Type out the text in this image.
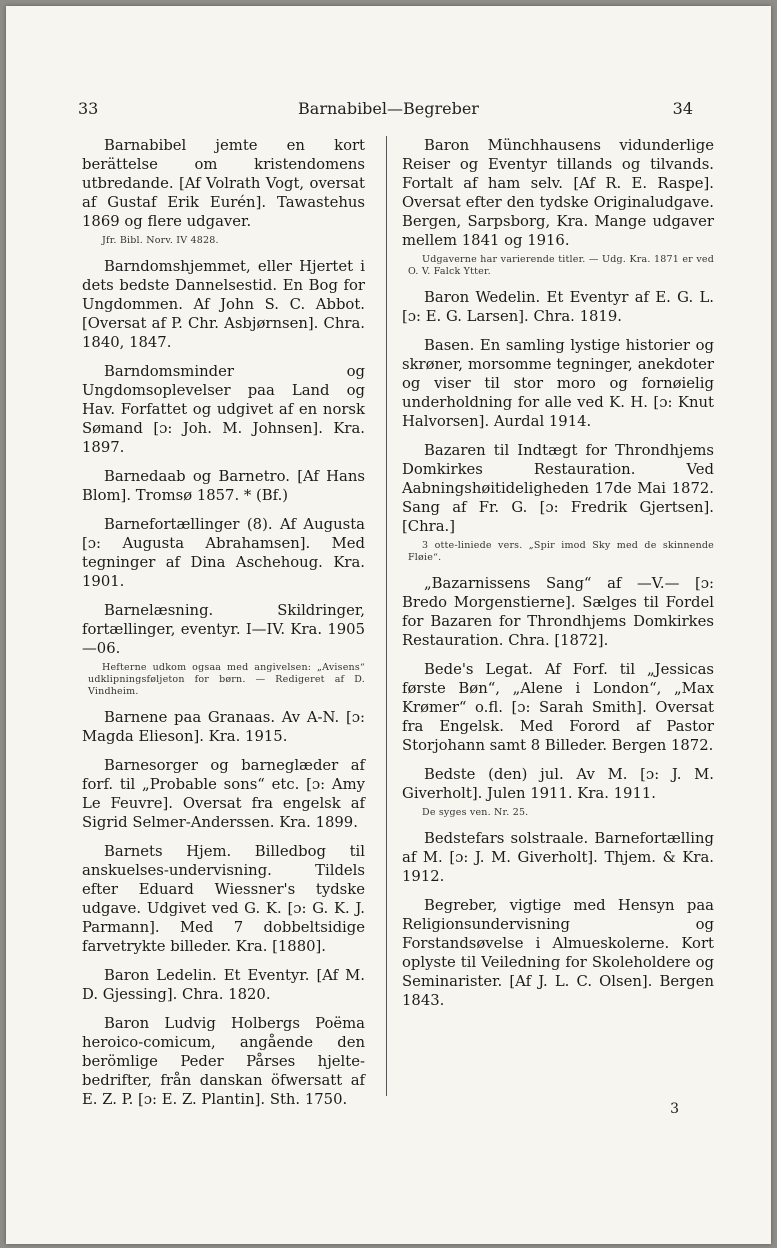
33	Barnabibel—Begreber	34

Barnabibel jemte en kort berättelse om kristendomens utbredande. [Af Volrath Vogt, oversat af Gustaf Erik Eurén]. Tawastehus 1869 og flere udgaver.

Jfr. Bibl. Norv. IV 4828.

Barndomshjemmet, eller Hjertet i dets bedste Dannelsestid. En Bog for Ungdommen. Af John S. C. Abbot. [Oversat af P. Chr. Asbjørnsen]. Chra. 1840, 1847.

Barndomsminder og Ungdomsoplevelser paa Land og Hav. Forfattet og udgivet af en norsk Sømand [ɔ: Joh. M. Johnsen]. Kra. 1897.

Barnedaab og Barnetro. [Af Hans Blom]. Tromsø 1857. * (Bf.)

Barnefortællinger (8). Af Augusta [ɔ: Augusta Abrahamsen]. Med tegninger af Dina Aschehoug. Kra. 1901.

Barnelæsning. Skildringer, fortællinger, eventyr. I—IV. Kra. 1905—06.

Hefterne udkom ogsaa med angivelsen: „Avisens“ udklipningsføljeton for børn. — Redigeret af D. Vindheim.

Barnene paa Granaas. Av A-N. [ɔ: Magda Elieson]. Kra. 1915.

Barnesorger og barneglæder af forf. til „Probable sons“ etc. [ɔ: Amy Le Feuvre]. Oversat fra engelsk af Sigrid Selmer-Anderssen. Kra. 1899.

Barnets Hjem. Billedbog til anskuelses-undervisning. Tildels efter Eduard Wiessner's tydske udgave. Udgivet ved G. K. [ɔ: G. K. J. Parmann]. Med 7 dobbeltsidige farvetrykte billeder. Kra. [1880].

Baron Ledelin. Et Eventyr. [Af M. D. Gjessing]. Chra. 1820.

Baron Ludvig Holbergs Poëma heroico-comicum, angående den berömlige Peder Pårses hjelte-bedrifter, från danskan öfwersatt af E. Z. P. [ɔ: E. Z. Plantin]. Sth. 1750.

Baron Münchhausens vidunderlige Reiser og Eventyr tillands og tilvands. Fortalt af ham selv. [Af R. E. Raspe]. Oversat efter den tydske Originaludgave. Bergen, Sarpsborg, Kra. Mange udgaver mellem 1841 og 1916.

Udgaverne har varierende titler. — Udg. Kra. 1871 er ved O. V. Falck Ytter.

Baron Wedelin. Et Eventyr af E. G. L. [ɔ: E. G. Larsen]. Chra. 1819.

Basen. En samling lystige historier og skrøner, morsomme tegninger, anekdoter og viser til stor moro og fornøielig underholdning for alle ved K. H. [ɔ: Knut Halvorsen]. Aurdal 1914.

Bazaren til Indtægt for Throndhjems Domkirkes Restauration. Ved Aabningshøitideligheden 17de Mai 1872. Sang af Fr. G. [ɔ: Fredrik Gjertsen]. [Chra.]

3 otte-liniede vers. „Spir imod Sky med de skinnende Fløie“.

„Bazarnissens Sang“ af —V.— [ɔ: Bredo Morgenstierne]. Sælges til Fordel for Bazaren for Throndhjems Domkirkes Restauration. Chra. [1872].

Bede's Legat. Af Forf. til „Jessicas første Bøn“, „Alene i London“, „Max Krømer“ o.fl. [ɔ: Sarah Smith]. Oversat fra Engelsk. Med Forord af Pastor Storjohann samt 8 Billeder. Bergen 1872.

Bedste (den) jul. Av M. [ɔ: J. M. Giverholt]. Julen 1911. Kra. 1911.

De syges ven. Nr. 25.

Bedstefars solstraale. Barnefortælling af M. [ɔ: J. M. Giverholt]. Thjem. & Kra. 1912.

Begreber, vigtige med Hensyn paa Religionsundervisning og Forstandsøvelse i Almueskolerne. Kort oplyste til Veiledning for Skoleholdere og Seminarister. [Af J. L. C. Olsen]. Bergen 1843.

3
